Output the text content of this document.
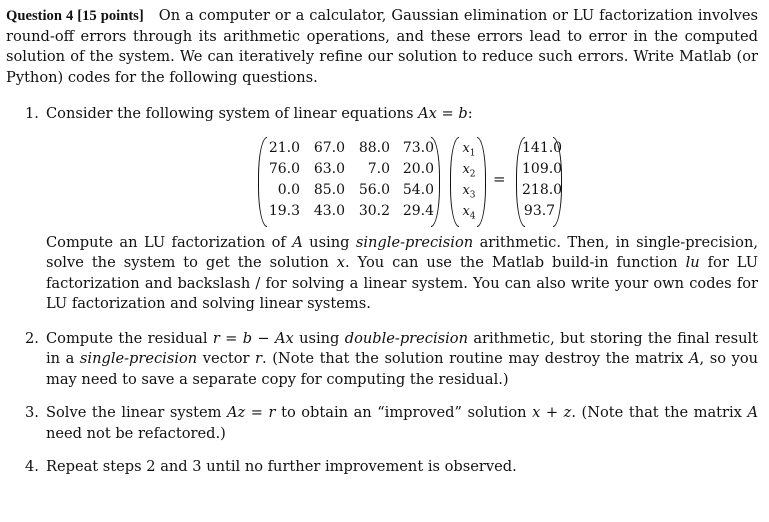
Question 4 [15 points] On a computer or a calculator, Gaussian elimination or LU factorization involves round-off errors through its arithmetic operations, and these errors lead to error in the computed solution of the system. We can iteratively refine our solution to reduce such errors. Write Matlab (or Python) codes for the following questions.

1. Consider the following system of linear equations Ax = b:
21.0 67.0 88.0 73.0
76.0 63.0	7.0 20.0
0.0 85.0 56.0 54.0
19.3 43.0 30.2 29.4
$x_1$
$x_2$
$x_3$
$x_4$
=
141.0
109.0
218.0
93.7
Compute an LU factorization of A using single-precision arithmetic. Then, in single-precision, solve the system to get the solution x. You can use the Matlab build-in function lu for LU factorization and backslash / for solving a linear system. You can also write your own codes for LU factorization and solving linear systems.
2. Compute the residual r = b − Ax using double-precision arithmetic, but storing the final result in a single-precision vector r. (Note that the solution routine may destroy the matrix A, so you may need to save a separate copy for computing the residual.)
3. Solve the linear system Az = r to obtain an “improved” solution x + z. (Note that the matrix A need not be refactored.)
4. Repeat steps 2 and 3 until no further improvement is observed.
